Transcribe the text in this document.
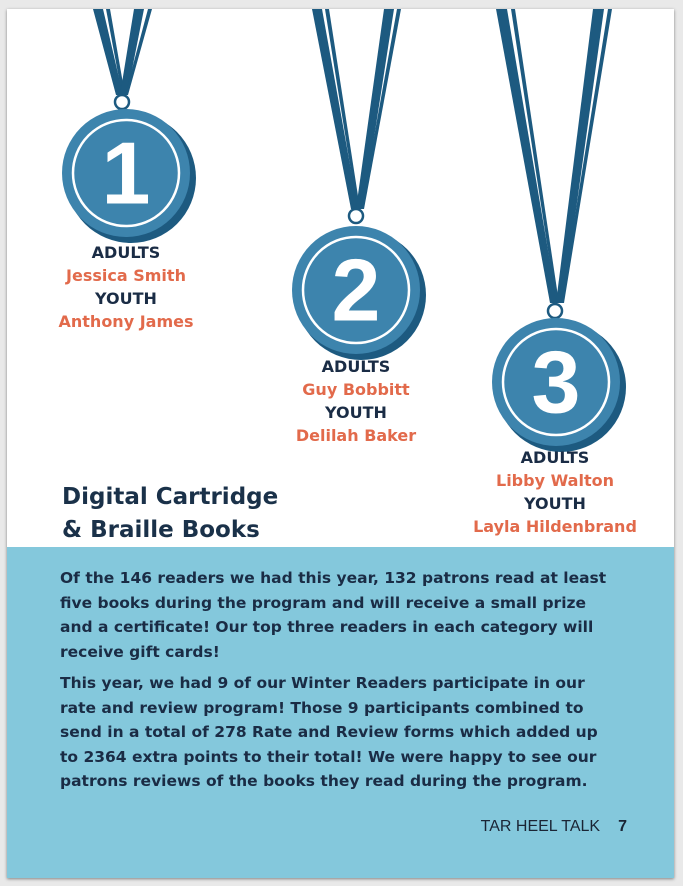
1
2
3
ADULTS
Jessica Smith
YOUTH
Anthony James
ADULTS
Guy Bobbitt
YOUTH
Delilah Baker
ADULTS
Libby Walton
YOUTH
Layla Hildenbrand
Digital Cartridge
& Braille Books

Of the 146 readers we had this year, 132 patrons read at least five books during the program and will receive a small prize and a certificate! Our top three readers in each category will receive gift cards!

This year, we had 9 of our Winter Readers participate in our rate and review program! Those 9 participants combined to send in a total of 278 Rate and Review forms which added up to 2364 extra points to their total! We were happy to see our patrons reviews of the books they read during the program.

TAR HEEL TALK 7
